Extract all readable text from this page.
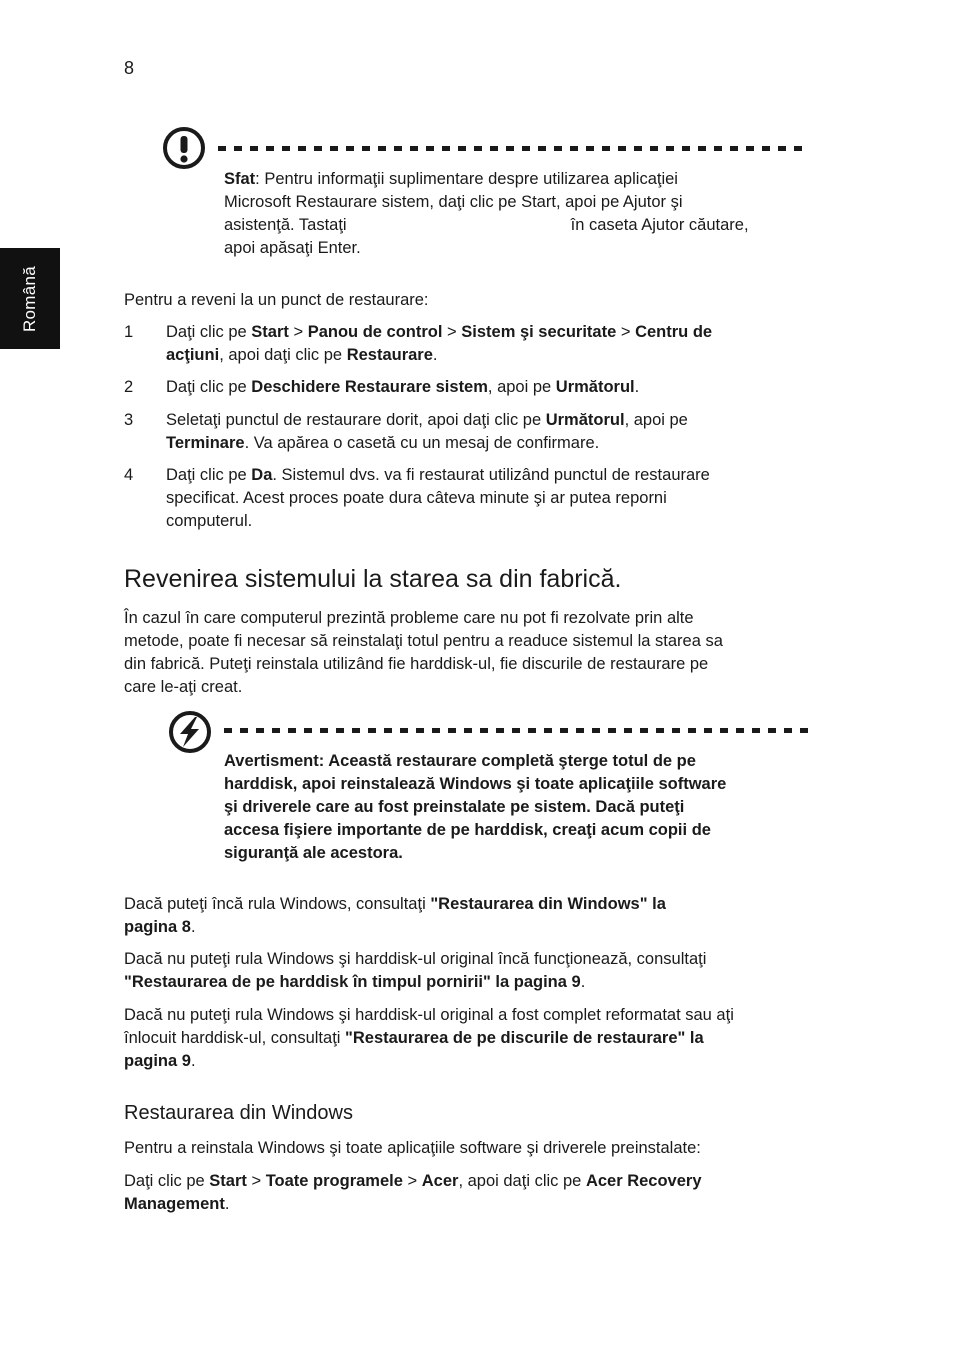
8
Română
Sfat: Pentru informaţii suplimentare despre utilizarea aplicaţiei
Microsoft Restaurare sistem, daţi clic pe Start, apoi pe Ajutor şi
asistenţă. Tastaţi	în caseta Ajutor căutare,
apoi apăsaţi Enter.
Pentru a reveni la un punct de restaurare:
1 Daţi clic pe Start > Panou de control > Sistem şi securitate > Centru de
acţiuni, apoi daţi clic pe Restaurare.
2 Daţi clic pe Deschidere Restaurare sistem, apoi pe Următorul.
3 Seletaţi punctul de restaurare dorit, apoi daţi clic pe Următorul, apoi pe
Terminare. Va apărea o casetă cu un mesaj de confirmare.
4 Daţi clic pe Da. Sistemul dvs. va fi restaurat utilizând punctul de restaurare
specificat. Acest proces poate dura câteva minute şi ar putea reporni
computerul.
Revenirea sistemului la starea sa din fabrică.
În cazul în care computerul prezintă probleme care nu pot fi rezolvate prin alte
metode, poate fi necesar să reinstalaţi totul pentru a readuce sistemul la starea sa
din fabrică. Puteţi reinstala utilizând fie harddisk-ul, fie discurile de restaurare pe
care le-aţi creat.
Avertisment: Această restaurare completă şterge totul de pe
harddisk, apoi reinstalează Windows şi toate aplicaţiile software
şi driverele care au fost preinstalate pe sistem. Dacă puteţi
accesa fişiere importante de pe harddisk, creaţi acum copii de
siguranţă ale acestora.
Dacă puteţi încă rula Windows, consultaţi "Restaurarea din Windows" la
pagina 8.
Dacă nu puteţi rula Windows şi harddisk-ul original încă funcţionează, consultaţi
"Restaurarea de pe harddisk în timpul pornirii" la pagina 9.
Dacă nu puteţi rula Windows şi harddisk-ul original a fost complet reformatat sau aţi
înlocuit harddisk-ul, consultaţi "Restaurarea de pe discurile de restaurare" la
pagina 9.
Restaurarea din Windows
Pentru a reinstala Windows şi toate aplicaţiile software şi driverele preinstalate:
Daţi clic pe Start > Toate programele > Acer, apoi daţi clic pe Acer Recovery
Management.
